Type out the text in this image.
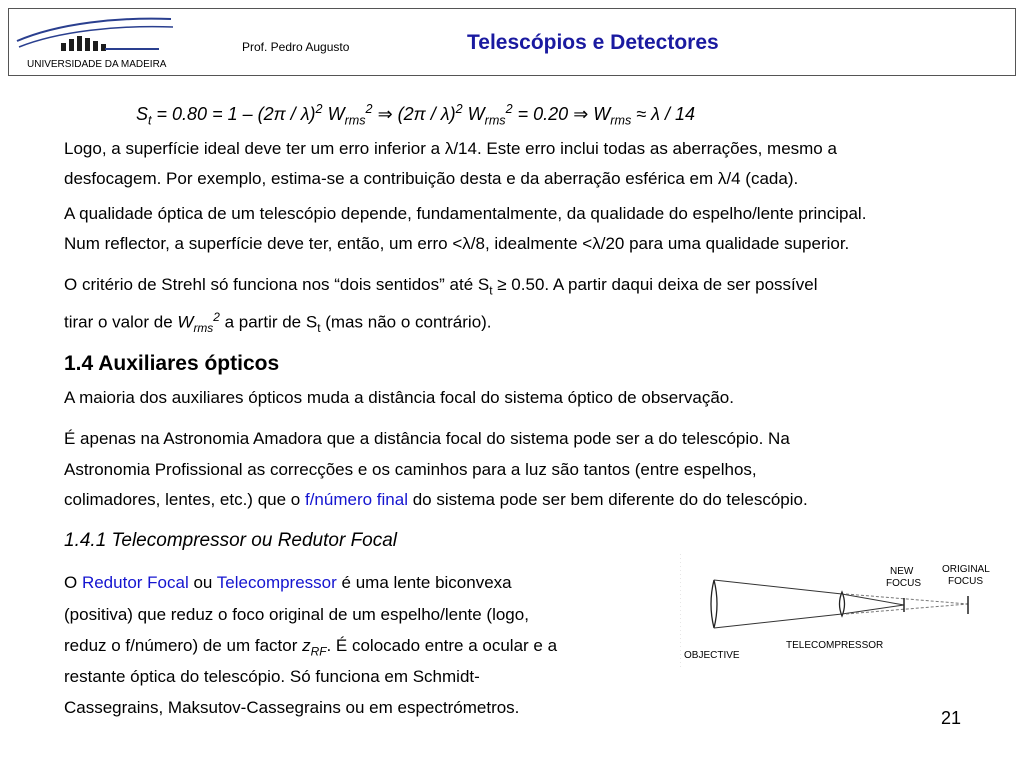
UNIVERSIDADE DA MADEIRA
Prof. Pedro Augusto	Telescópios e Detectores
$S_t = 0.80 = 1 - (2\pi / \lambda)^2$ $W_{rms}^2$ ⇒ (2π / λ)$^2$ $W_{rms}^2 = 0.20$ ⇒ $W_{rms} \approx \lambda / 14$
Logo, a superfície ideal deve ter um erro inferior a λ/14. Este erro inclui todas as aberrações, mesmo a
desfocagem. Por exemplo, estima-se a contribuição desta e da aberração esférica em λ/4 (cada).
A qualidade óptica de um telescópio depende, fundamentalmente, da qualidade do espelho/lente principal.
Num reflector, a superfície deve ter, então, um erro <λ/8, idealmente <λ/20 para uma qualidade superior.
O critério de Strehl só funciona nos “dois sentidos” até $S_t \ge 0.50$. A partir daqui deixa de ser possível
tirar o valor de $W_{rms}^2$ a partir de $S_t$ (mas não o contrário).
1.4 Auxiliares ópticos
A maioria dos auxiliares ópticos muda a distância focal do sistema óptico de observação.
É apenas na Astronomia Amadora que a distância focal do sistema pode ser a do telescópio. Na
Astronomia Profissional as correcções e os caminhos para a luz são tantos (entre espelhos,
colimadores, lentes, etc.) que o f/número final do sistema pode ser bem diferente do do telescópio.
1.4.1 Telecompressor ou Redutor Focal
O Redutor Focal ou Telecompressor é uma lente biconvexa
(positiva) que reduz o foco original de um espelho/lente (logo,
reduz o f/número) de um factor $z_{RF}$. É colocado entre a ocular e a
restante óptica do telescópio. Só funciona em Schmidt-
Cassegrains, Maksutov-Cassegrains ou em espectrómetros.
NEW
FOCUS
ORIGINAL
FOCUS
OBJECTIVE
TELECOMPRESSOR
21
